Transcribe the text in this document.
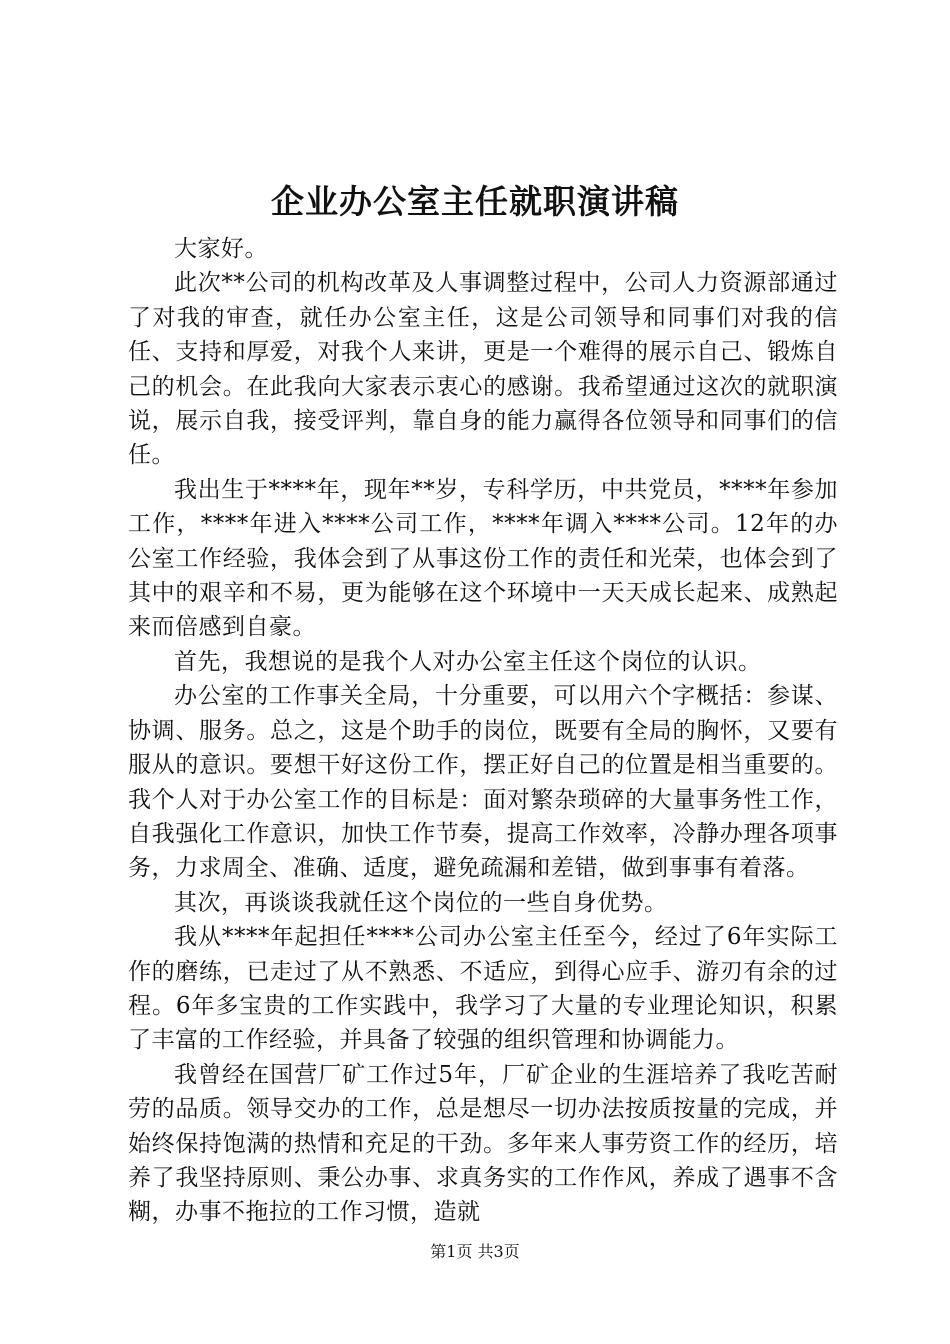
企业办公室主任就职演讲稿

大家好。

此次**公司的机构改革及人事调整过程中，公司人力资源部通过了对我的审查，就任办公室主任，这是公司领导和同事们对我的信任、支持和厚爱，对我个人来讲，更是一个难得的展示自己、锻炼自己的机会。在此我向大家表示衷心的感谢。我希望通过这次的就职演说，展示自我，接受评判，靠自身的能力赢得各位领导和同事们的信任。

我出生于****年，现年**岁，专科学历，中共党员，****年参加工作，****年进入****公司工作，****年调入****公司。12年的办公室工作经验，我体会到了从事这份工作的责任和光荣，也体会到了其中的艰辛和不易，更为能够在这个环境中一天天成长起来、成熟起来而倍感到自豪。

首先，我想说的是我个人对办公室主任这个岗位的认识。

办公室的工作事关全局，十分重要，可以用六个字概括：参谋、协调、服务。总之，这是个助手的岗位，既要有全局的胸怀，又要有服从的意识。要想干好这份工作，摆正好自己的位置是相当重要的。我个人对于办公室工作的目标是：面对繁杂琐碎的大量事务性工作，自我强化工作意识，加快工作节奏，提高工作效率，冷静办理各项事务，力求周全、准确、适度，避免疏漏和差错，做到事事有着落。

其次，再谈谈我就任这个岗位的一些自身优势。

我从****年起担任****公司办公室主任至今，经过了6年实际工作的磨练，已走过了从不熟悉、不适应，到得心应手、游刃有余的过程。6年多宝贵的工作实践中，我学习了大量的专业理论知识，积累了丰富的工作经验，并具备了较强的组织管理和协调能力。

我曾经在国营厂矿工作过5年，厂矿企业的生涯培养了我吃苦耐劳的品质。领导交办的工作，总是想尽一切办法按质按量的完成，并始终保持饱满的热情和充足的干劲。多年来人事劳资工作的经历，培养了我坚持原则、秉公办事、求真务实的工作作风，养成了遇事不含糊，办事不拖拉的工作习惯，造就

第1页 共3页
